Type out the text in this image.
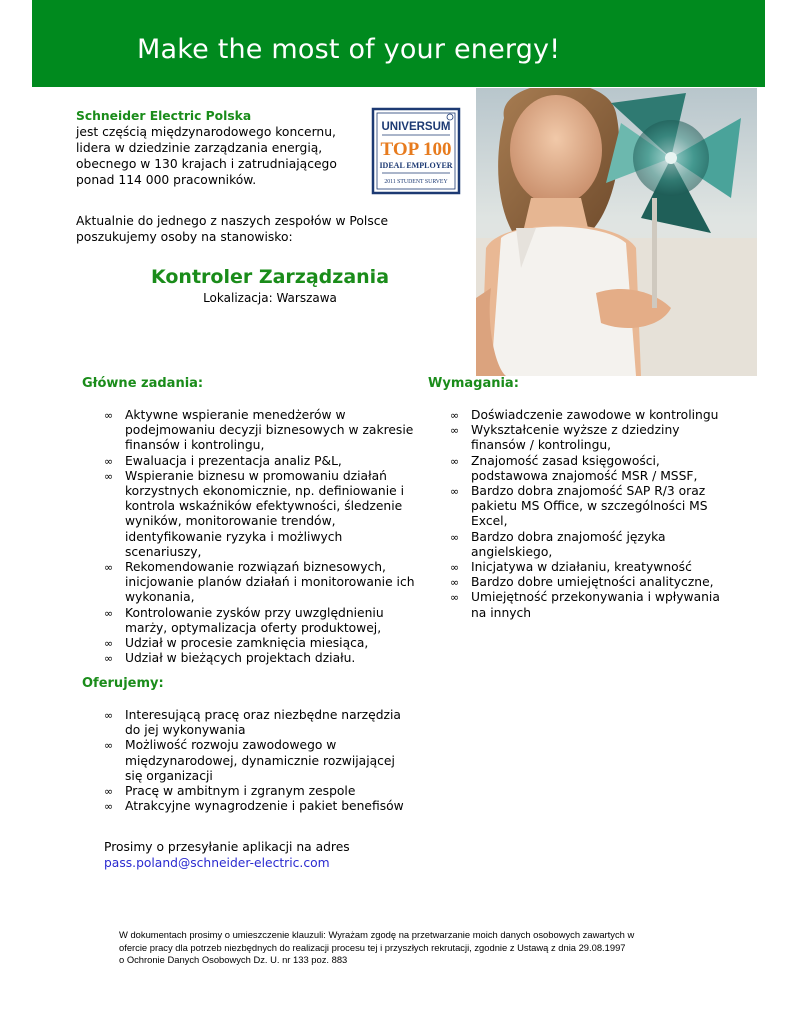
Make the most of your energy!
Schneider Electric Polska
jest częścią międzynarodowego koncernu,
lidera w dziedzinie zarządzania energią,
obecnego w 130 krajach i zatrudniającego
ponad 114 000 pracowników.
UNIVERSUM
TOP 100
IDEAL EMPLOYER
2011 STUDENT SURVEY
Aktualnie do jednego z naszych zespołów w Polsce
poszukujemy osoby na stanowisko:
Kontroler Zarządzania
Lokalizacja: Warszawa
Główne zadania:
∞ Aktywne wspieranie menedżerów w
podejmowaniu decyzji biznesowych w zakresie
finansów i kontrolingu,
∞ Ewaluacja i prezentacja analiz P&L,
∞ Wspieranie biznesu w promowaniu działań
korzystnych ekonomicznie, np. definiowanie i
kontrola wskaźników efektywności, śledzenie
wyników, monitorowanie trendów,
identyfikowanie ryzyka i możliwych
scenariuszy,
∞ Rekomendowanie rozwiązań biznesowych,
inicjowanie planów działań i monitorowanie ich
wykonania,
∞ Kontrolowanie zysków przy uwzględnieniu
marży, optymalizacja oferty produktowej,
∞ Udział w procesie zamknięcia miesiąca,
∞ Udział w bieżących projektach działu.
Wymagania:
∞ Doświadczenie zawodowe w kontrolingu
∞ Wykształcenie wyższe z dziedziny
finansów / kontrolingu,
∞ Znajomość zasad księgowości,
podstawowa znajomość MSR / MSSF,
∞ Bardzo dobra znajomość SAP R/3 oraz
pakietu MS Office, w szczególności MS
Excel,
∞ Bardzo dobra znajomość języka
angielskiego,
∞ Inicjatywa w działaniu, kreatywność
∞ Bardzo dobre umiejętności analityczne,
∞ Umiejętność przekonywania i wpływania
na innych
Oferujemy:
∞ Interesującą pracę oraz niezbędne narzędzia
do jej wykonywania
∞ Możliwość rozwoju zawodowego w
międzynarodowej, dynamicznie rozwijającej
się organizacji
∞ Pracę w ambitnym i zgranym zespole
∞ Atrakcyjne wynagrodzenie i pakiet benefisów
Prosimy o przesyłanie aplikacji na adres
pass.poland@schneider-electric.com
W dokumentach prosimy o umieszczenie klauzuli: Wyrażam zgodę na przetwarzanie moich danych osobowych zawartych w
ofercie pracy dla potrzeb niezbędnych do realizacji procesu tej i przyszłych rekrutacji, zgodnie z Ustawą z dnia 29.08.1997
o Ochronie Danych Osobowych Dz. U. nr 133 poz. 883
